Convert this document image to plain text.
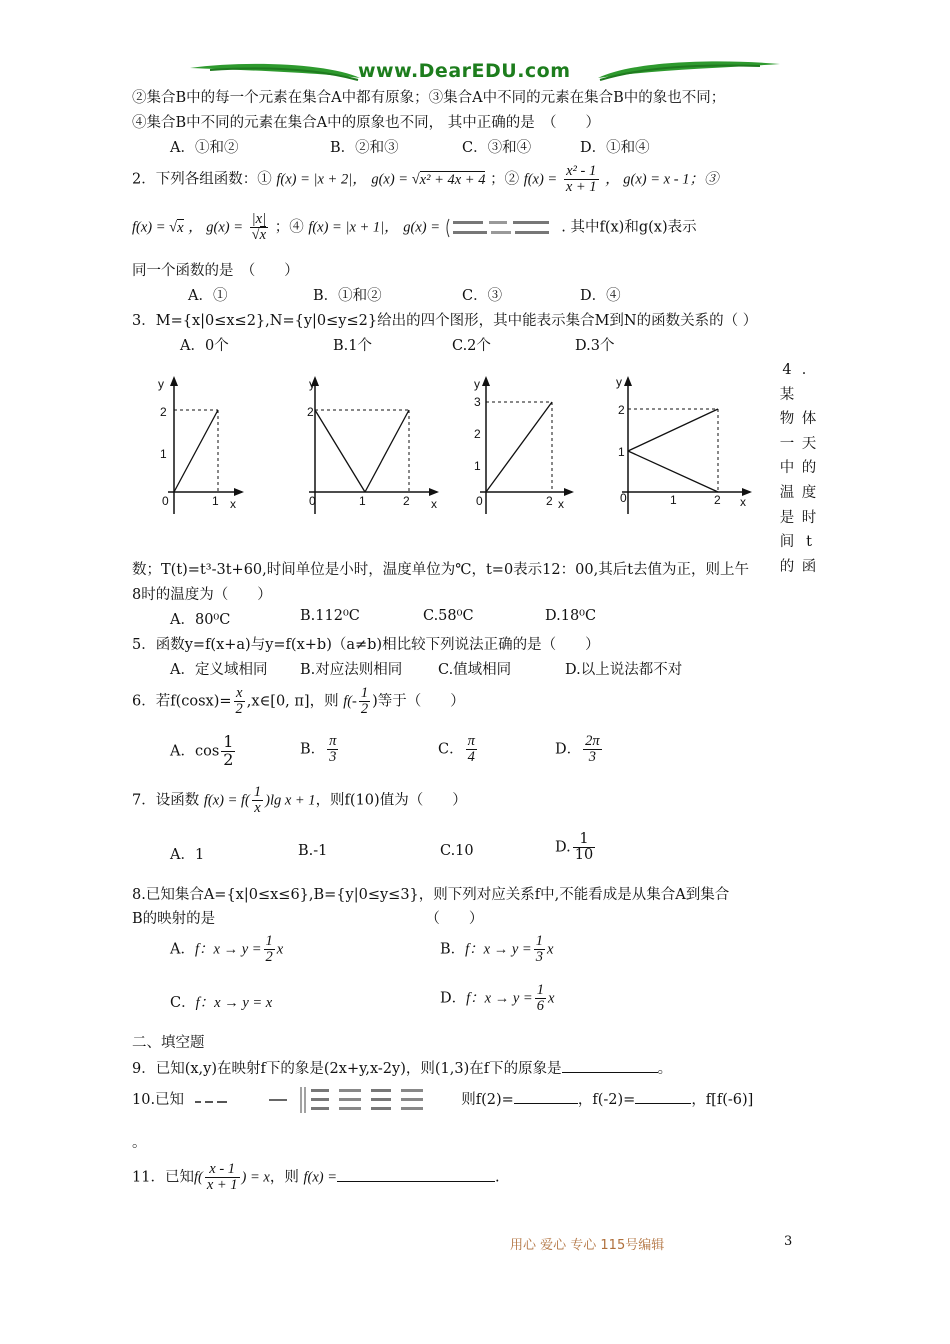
www.DearEDU.com
②集合B中的每一个元素在集合A中都有原象；③集合A中不同的元素在集合B中的象也不同；
④集合B中不同的元素在集合A中的原象也不同， 其中正确的是　（　　）
A．①和②	B．②和③	C．③和④	D．①和④
2．下列各组函数：① f(x) = |x + 2|， g(x) = √x² + 4x + 4 ；② $f(x) = \frac{\text{x² - 1}}{x + 1}$ ， g(x) = x - 1；③
f(x) = √x ， $g(x) = \frac{|x|}{√x}$ ；④ f(x) = |x + 1|， g(x) =	. 其中f(x)和g(x)表示
同一个函数的是　（　　）
A．①	B．①和②	C．③	D．④
3．M={x|0≤x≤2},N={y|0≤y≤2}给出的四个图形，其中能表示集合M到N的函数关系的（ ）
A．0个	B.1个	C.2个	D.3个
y
x
0	1
1
2
y
x
0	1	2
2
y
x
0	2
1
2
3
y
x
0	1	2
1
2
4 ．某 物 体 一 天 中 的 温 度 是 时 间 t 的 函
数；T(t)=t³-3t+60,时间单位是小时，温度单位为℃，t=0表示12：00,其后t去值为正，则上午
8时的温度为（　　）
A．80⁰C	B.112⁰C	C.58⁰C	D.18⁰C
5．函数y=f(x+a)与y=f(x+b)（a≠b)相比较下列说法正确的是（　　）
A．定义域相同 B.对应法则相同 C.值域相同	D.以上说法都不对
6．若$f(\cos x)= \frac{x}{2}$ ,x∈[0, π]，则 $f(- \frac{1}{2}$ )等于（　　）
A．$\cos \frac{1}{2}$	B． $\frac{\pi}{3}$	C． $\frac{\pi}{4}$	D． $\frac{2\pi}{3}$
7．设函数 $f(x) = f( \frac{1}{x} )\lg$ x + 1，则f(10)值为（　　）
A．1	B.-1	C.10	D. $\frac{1}{10}$
8.已知集合A={x|0≤x≤6},B={y|0≤y≤3}，则下列对应关系f中,不能看成是从集合A到集合
B的映射的是　　　　　　　　　　　　　　　（　　）
A．f：$x \to y = \frac{1}{2}$ x	B．f：$x \to y = \frac{1}{3}$ x
C．f：x → y = x	D．f：$x \to y = \frac{1}{6}$ x
二、填空题
9．已知(x,y)在映射f下的象是(2x+y,x-2y)，则(1,3)在f下的原象是	。
10.已知	则f(2)=	，f(-2)=	，f[f(-6)]
。
11．已知$f( \frac{x - 1}{x + 1}$ ) = x，则 f(x) =	.
用心 爱心 专心 115号编辑	3
